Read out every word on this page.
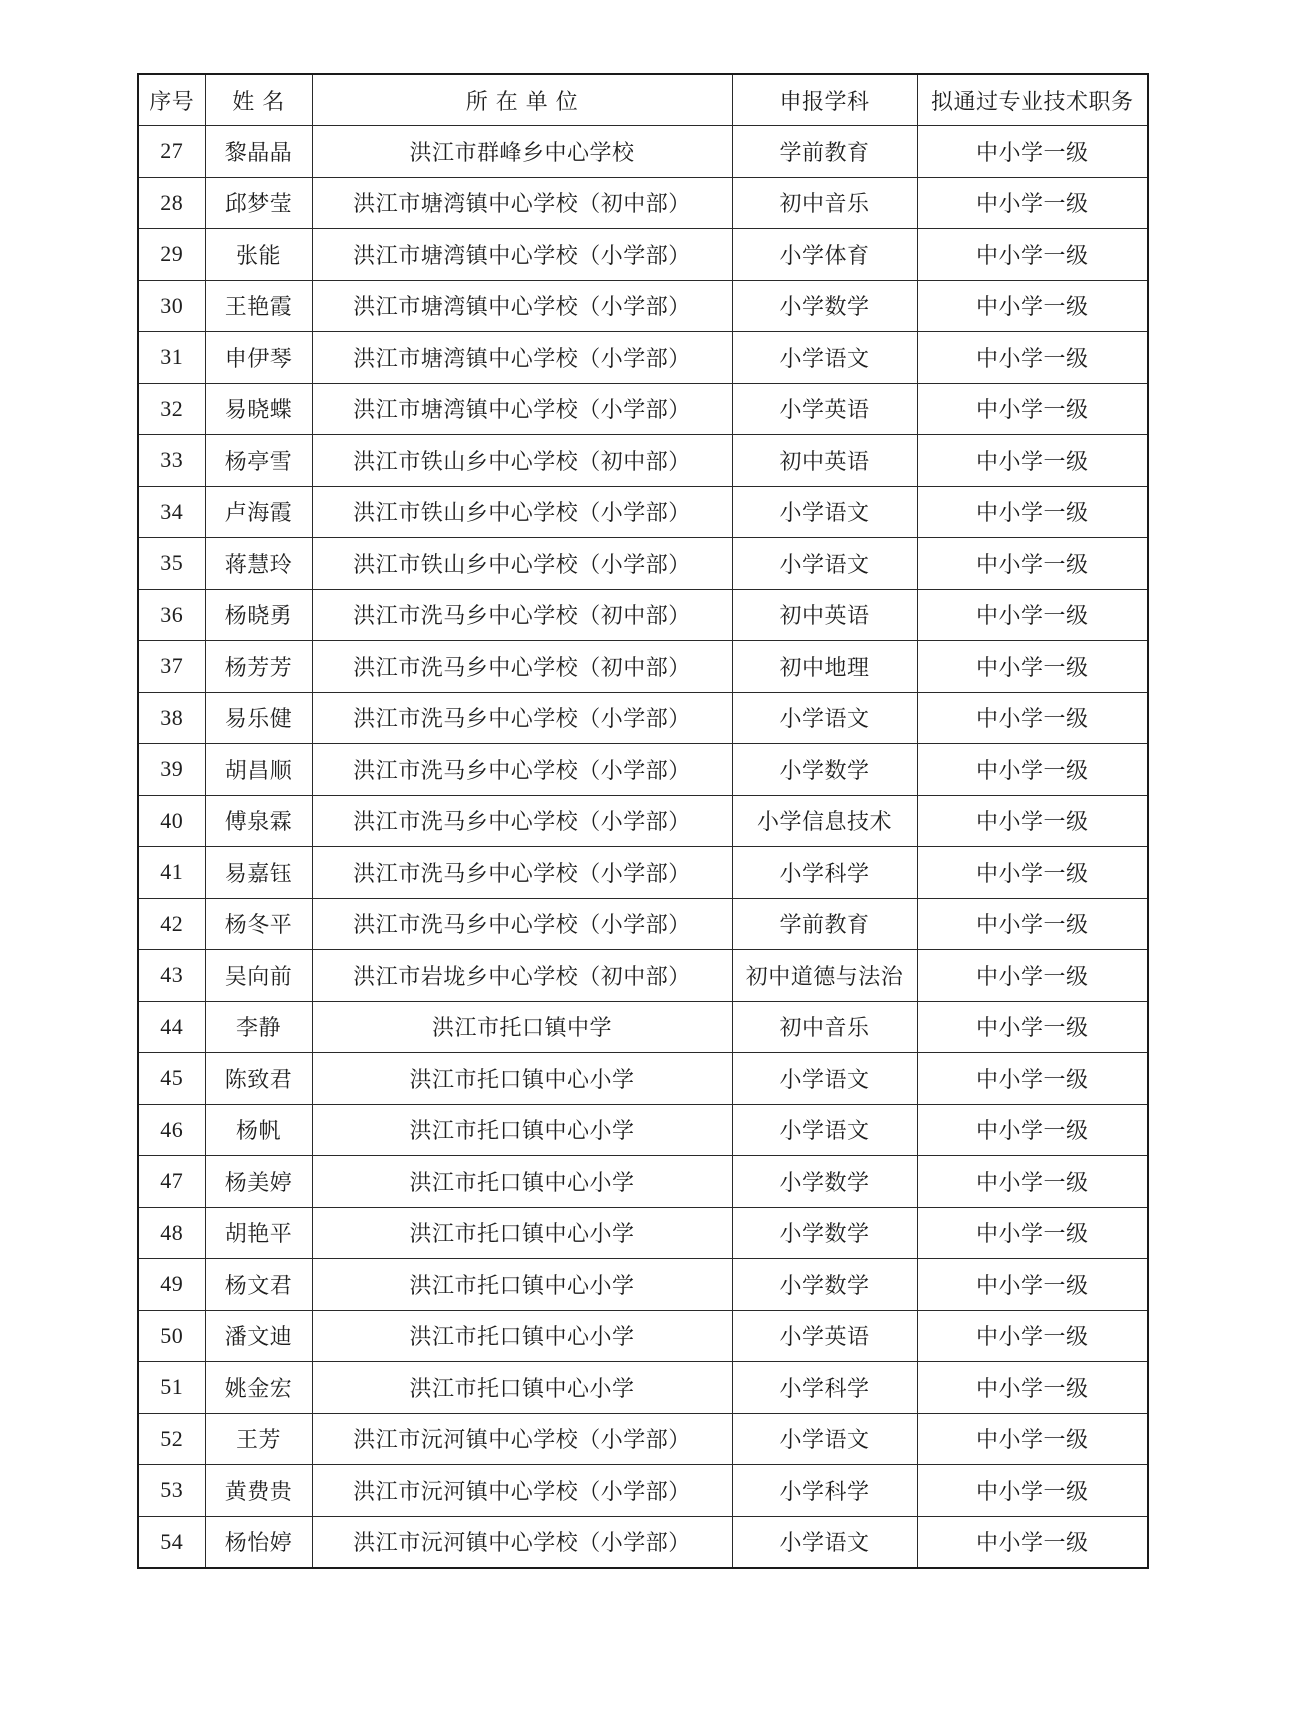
序号	姓 名	所 在 单 位	申报学科	拟通过专业技术职务
27	黎晶晶	洪江市群峰乡中心学校	学前教育	中小学一级
28	邱梦莹	洪江市塘湾镇中心学校（初中部）	初中音乐	中小学一级
29	张能	洪江市塘湾镇中心学校（小学部）	小学体育	中小学一级
30	王艳霞	洪江市塘湾镇中心学校（小学部）	小学数学	中小学一级
31	申伊琴	洪江市塘湾镇中心学校（小学部）	小学语文	中小学一级
32	易晓蝶	洪江市塘湾镇中心学校（小学部）	小学英语	中小学一级
33	杨亭雪	洪江市铁山乡中心学校（初中部）	初中英语	中小学一级
34	卢海霞	洪江市铁山乡中心学校（小学部）	小学语文	中小学一级
35	蒋慧玲	洪江市铁山乡中心学校（小学部）	小学语文	中小学一级
36	杨晓勇	洪江市洗马乡中心学校（初中部）	初中英语	中小学一级
37	杨芳芳	洪江市洗马乡中心学校（初中部）	初中地理	中小学一级
38	易乐健	洪江市洗马乡中心学校（小学部）	小学语文	中小学一级
39	胡昌顺	洪江市洗马乡中心学校（小学部）	小学数学	中小学一级
40	傅泉霖	洪江市洗马乡中心学校（小学部）	小学信息技术	中小学一级
41	易嘉钰	洪江市洗马乡中心学校（小学部）	小学科学	中小学一级
42	杨冬平	洪江市洗马乡中心学校（小学部）	学前教育	中小学一级
43	吴向前	洪江市岩垅乡中心学校（初中部）	初中道德与法治	中小学一级
44	李静	洪江市托口镇中学	初中音乐	中小学一级
45	陈致君	洪江市托口镇中心小学	小学语文	中小学一级
46	杨帆	洪江市托口镇中心小学	小学语文	中小学一级
47	杨美婷	洪江市托口镇中心小学	小学数学	中小学一级
48	胡艳平	洪江市托口镇中心小学	小学数学	中小学一级
49	杨文君	洪江市托口镇中心小学	小学数学	中小学一级
50	潘文迪	洪江市托口镇中心小学	小学英语	中小学一级
51	姚金宏	洪江市托口镇中心小学	小学科学	中小学一级
52	王芳	洪江市沅河镇中心学校（小学部）	小学语文	中小学一级
53	黄费贵	洪江市沅河镇中心学校（小学部）	小学科学	中小学一级
54	杨怡婷	洪江市沅河镇中心学校（小学部）	小学语文	中小学一级
